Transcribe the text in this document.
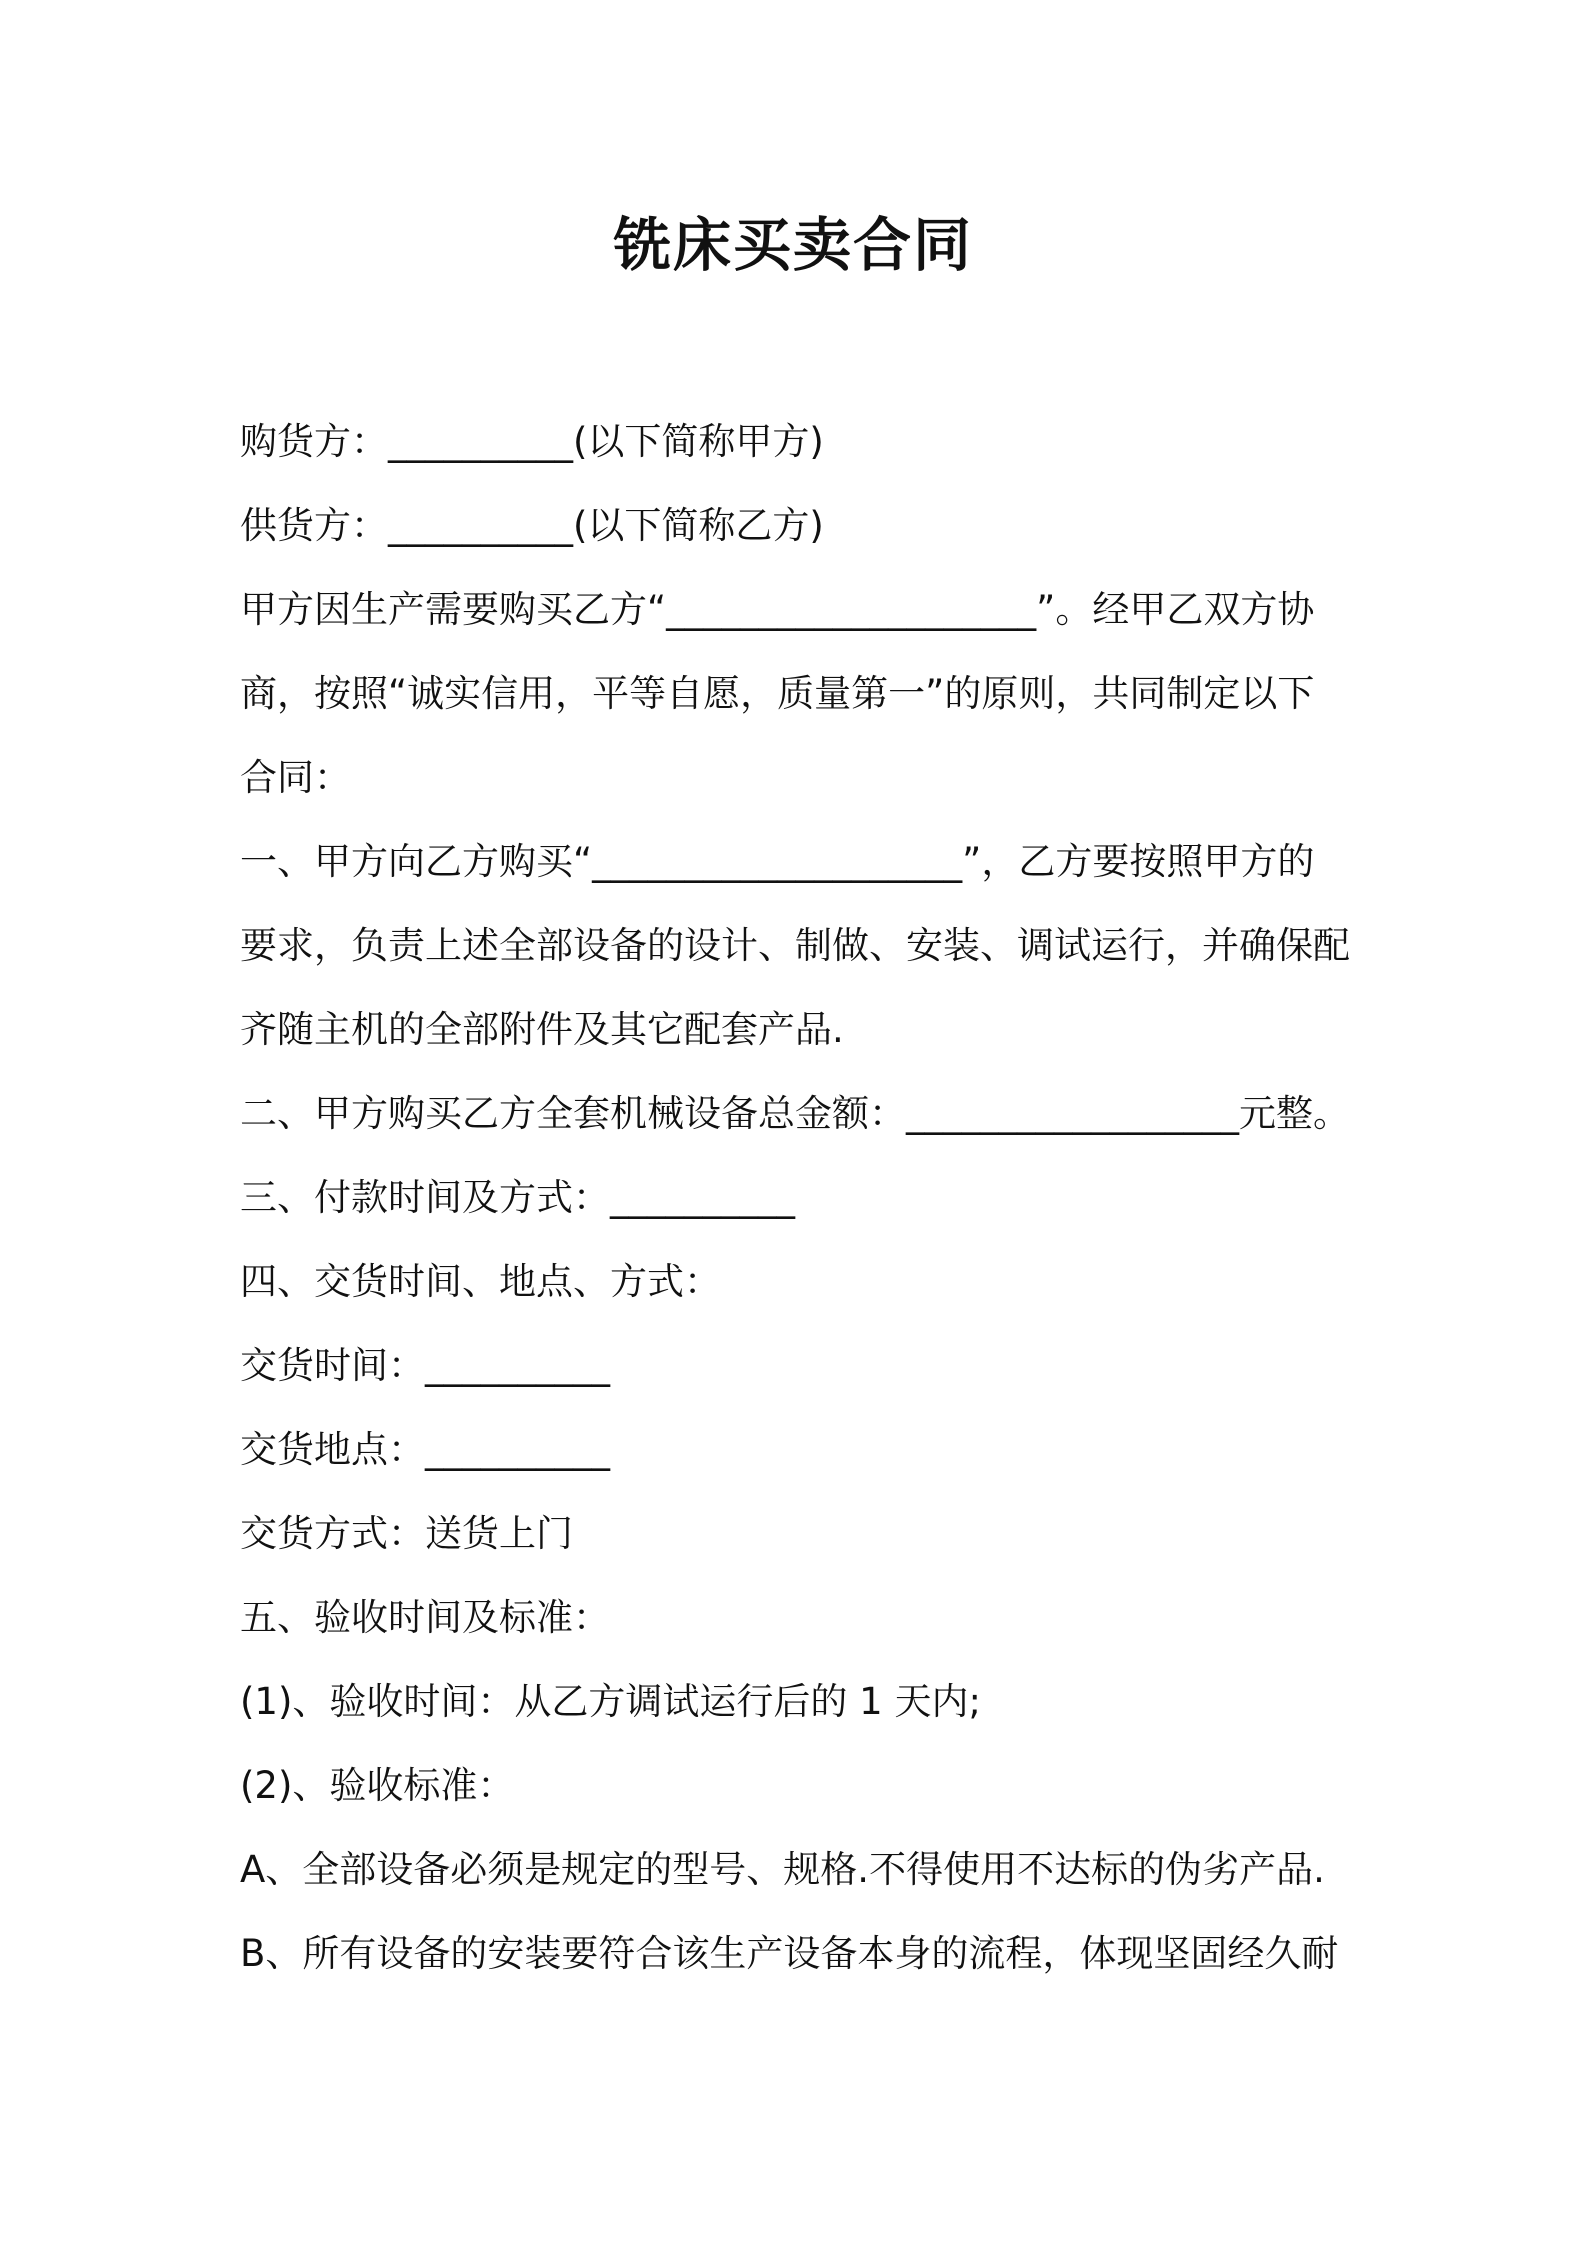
铣床买卖合同
购货方：__________(以下简称甲方)
供货方：__________(以下简称乙方)
甲方因生产需要购买乙方“____________________”。经甲乙双方协
商，按照“诚实信用，平等自愿，质量第一”的原则，共同制定以下
合同：
一、甲方向乙方购买“____________________”，乙方要按照甲方的
要求，负责上述全部设备的设计、制做、安装、调试运行，并确保配
齐随主机的全部附件及其它配套产品.
二、甲方购买乙方全套机械设备总金额：__________________元整。
三、付款时间及方式：__________
四、交货时间、地点、方式：
交货时间：__________
交货地点：__________
交货方式：送货上门
五、验收时间及标准：
(1)、验收时间：从乙方调试运行后的 1 天内;
(2)、验收标准：
A、全部设备必须是规定的型号、规格.不得使用不达标的伪劣产品.
B、所有设备的安装要符合该生产设备本身的流程，体现坚固经久耐
